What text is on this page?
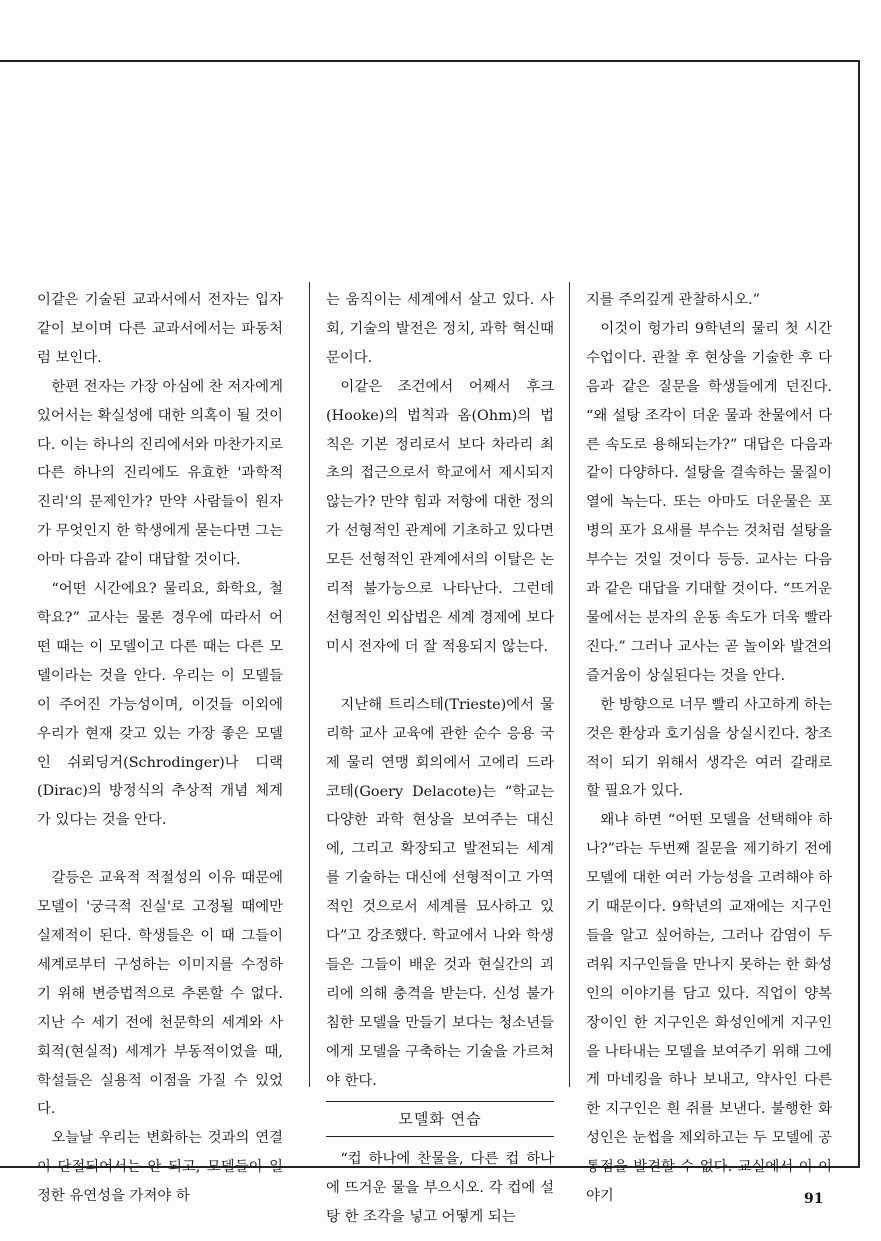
이같은 기술된 교과서에서 전자는 입자같이 보이며 다른 교과서에서는 파동처럼 보인다.

한편 전자는 가장 아심에 찬 저자에게 있어서는 확실성에 대한 의혹이 될 것이다. 이는 하나의 진리에서와 마찬가지로 다른 하나의 진리에도 유효한 '과학적 진리'의 문제인가? 만약 사람들이 원자가 무엇인지 한 학생에게 묻는다면 그는 아마 다음과 같이 대답할 것이다.

“어떤 시간에요? 물리요, 화학요, 철학요?” 교사는 물론 경우에 따라서 어떤 때는 이 모델이고 다른 때는 다른 모델이라는 것을 안다. 우리는 이 모델들이 주어진 가능성이며, 이것들 이외에 우리가 현재 갖고 있는 가장 좋은 모델인 쉬뢰딩거(Schrodinger)나 디랙(Dirac)의 방정식의 추상적 개념 체계가 있다는 것을 안다.

갈등은 교육적 적절성의 이유 때문에 모델이 '궁극적 진실'로 고정될 때에만 실제적이 된다. 학생들은 이 때 그들이 세계로부터 구성하는 이미지를 수정하기 위해 변증법적으로 추론할 수 없다. 지난 수 세기 전에 천문학의 세계와 사회적(현실적) 세계가 부동적이었을 때, 학설들은 실용적 이점을 가질 수 있었다.

오늘날 우리는 변화하는 것과의 연결이 단절되어서는 안 되고, 모델들이 일정한 유연성을 가져야 하

는 움직이는 세계에서 살고 있다. 사회, 기술의 발전은 정치, 과학 혁신때문이다.

이같은 조건에서 어째서 후크(Hooke)의 법칙과 옴(Ohm)의 법칙은 기본 정리로서 보다 차라리 최초의 접근으로서 학교에서 제시되지 않는가? 만약 힘과 저항에 대한 정의가 선형적인 관계에 기초하고 있다면 모든 선형적인 관계에서의 이탈은 논리적 불가능으로 나타난다. 그런데 선형적인 외삽법은 세계 경제에 보다 미시 전자에 더 잘 적용되지 않는다.

지난해 트리스테(Trieste)에서 물리학 교사 교육에 관한 순수 응용 국제 물리 연맹 회의에서 고에리 드라코테(Goery Delacote)는 “학교는 다양한 과학 현상을 보여주는 대신에, 그리고 확장되고 발전되는 세계를 기술하는 대신에 선형적이고 가역적인 것으로서 세계를 묘사하고 있다”고 강조했다. 학교에서 나와 학생들은 그들이 배운 것과 현실간의 괴리에 의해 충격을 받는다. 신성 불가침한 모델을 만들기 보다는 청소년들에게 모델을 구축하는 기술을 가르쳐야 한다.

모델화 연습

“컵 하나에 찬물을, 다른 컵 하나에 뜨거운 물을 부으시오. 각 컵에 설탕 한 조각을 넣고 어떻게 되는

지를 주의깊게 관찰하시오.”

이것이 헝가리 9학년의 물리 첫 시간 수업이다. 관찰 후 현상을 기술한 후 다음과 같은 질문을 학생들에게 던진다. “왜 설탕 조각이 더운 물과 찬물에서 다른 속도로 용해되는가?” 대답은 다음과 같이 다양하다. 설탕을 결속하는 물질이 열에 녹는다. 또는 아마도 더운물은 포병의 포가 요새를 부수는 것처럼 설탕을 부수는 것일 것이다 등등. 교사는 다음과 같은 대답을 기대할 것이다. “뜨거운 물에서는 분자의 운동 속도가 더욱 빨라진다.” 그러나 교사는 곧 놀이와 발견의 즐거움이 상실된다는 것을 안다.

한 방향으로 너무 빨리 사고하게 하는 것은 환상과 호기심을 상실시킨다. 창조적이 되기 위해서 생각은 여러 갈래로 할 필요가 있다.

왜냐 하면 “어떤 모델을 선택해야 하나?”라는 두번째 질문을 제기하기 전에 모델에 대한 여러 가능성을 고려해야 하기 때문이다. 9학년의 교재에는 지구인들을 알고 싶어하는, 그러나 감염이 두려워 지구인들을 만나지 못하는 한 화성인의 이야기를 담고 있다. 직업이 양복장이인 한 지구인은 화성인에게 지구인을 나타내는 모델을 보여주기 위해 그에게 마네킹을 하나 보내고, 약사인 다른 한 지구인은 흰 쥐를 보낸다. 불행한 화성인은 눈썹을 제외하고는 두 모델에 공통점을 발견할 수 없다. 교실에서 이 이야기	91
